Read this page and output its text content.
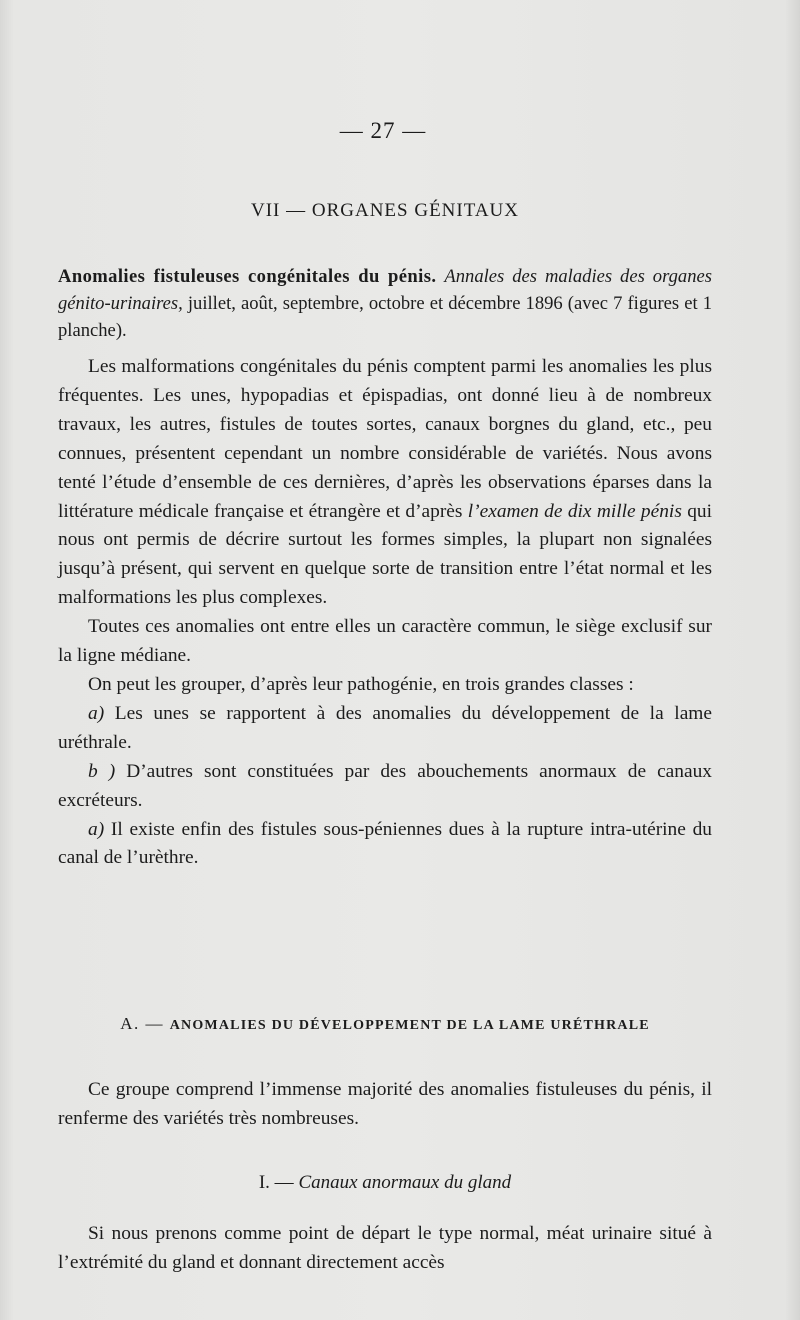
— 27 —
VII — ORGANES GÉNITAUX
Anomalies fistuleuses congénitales du pénis. Annales des maladies des organes génito-urinaires, juillet, août, septembre, octobre et décembre 1896 (avec 7 figures et 1 planche).

Les malformations congénitales du pénis comptent parmi les anomalies les plus fréquentes. Les unes, hypopadias et épispadias, ont donné lieu à de nombreux travaux, les autres, fistules de toutes sortes, canaux borgnes du gland, etc., peu connues, présentent cependant un nombre considérable de variétés. Nous avons tenté l’étude d’ensemble de ces dernières, d’après les observations éparses dans la littérature médicale française et étrangère et d’après l’examen de dix mille pénis qui nous ont permis de décrire surtout les formes simples, la plupart non signalées jusqu’à présent, qui servent en quelque sorte de transition entre l’état normal et les malformations les plus complexes.

Toutes ces anomalies ont entre elles un caractère commun, le siège exclusif sur la ligne médiane.

On peut les grouper, d’après leur pathogénie, en trois grandes classes :

a) Les unes se rapportent à des anomalies du développement de la lame uréthrale.

b ) D’autres sont constituées par des abouchements anormaux de canaux excréteurs.

a) Il existe enfin des fistules sous-péniennes dues à la rupture intra-utérine du canal de l’urèthre.

A. — ANOMALIES DU DÉVELOPPEMENT DE LA LAME URÉTHRALE

Ce groupe comprend l’immense majorité des anomalies fistuleuses du pénis, il renferme des variétés très nombreuses.

I. — Canaux anormaux du gland

Si nous prenons comme point de départ le type normal, méat urinaire situé à l’extrémité du gland et donnant directement accès
